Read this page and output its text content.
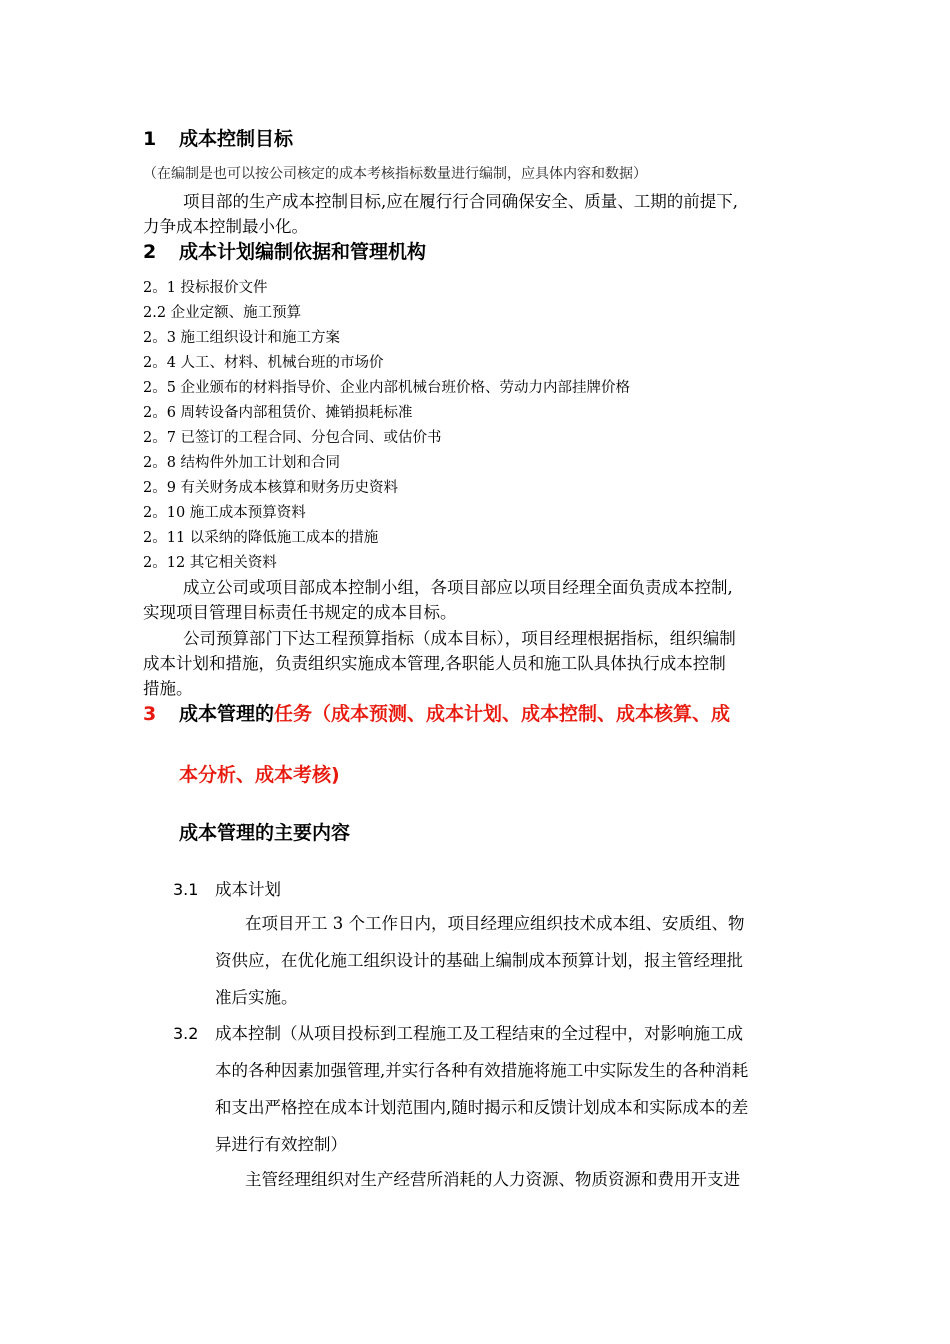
1 成本控制目标
（在编制是也可以按公司核定的成本考核指标数量进行编制，应具体内容和数据）
项目部的生产成本控制目标,应在履行行合同确保安全、质量、工期的前提下,
力争成本控制最小化。
2 成本计划编制依据和管理机构
2。1 投标报价文件
2.2 企业定额、施工预算
2。3 施工组织设计和施工方案
2。4 人工、材料、机械台班的市场价
2。5 企业颁布的材料指导价、企业内部机械台班价格、劳动力内部挂牌价格
2。6 周转设备内部租赁价、摊销损耗标准
2。7 已签订的工程合同、分包合同、或估价书
2。8 结构件外加工计划和合同
2。9 有关财务成本核算和财务历史资料
2。10 施工成本预算资料
2。11 以采纳的降低施工成本的措施
2。12 其它相关资料
成立公司或项目部成本控制小组，各项目部应以项目经理全面负责成本控制,
实现项目管理目标责任书规定的成本目标。
公司预算部门下达工程预算指标（成本目标），项目经理根据指标，组织编制
成本计划和措施，负责组织实施成本管理,各职能人员和施工队具体执行成本控制
措施。
3 成本管理的任务（成本预测、成本计划、成本控制、成本核算、成
本分析、成本考核)
成本管理的主要内容
3.1 成本计划
在项目开工 3 个工作日内，项目经理应组织技术成本组、安质组、物
资供应，在优化施工组织设计的基础上编制成本预算计划，报主管经理批
准后实施。
3.2 成本控制（从项目投标到工程施工及工程结束的全过程中，对影响施工成
本的各种因素加强管理,并实行各种有效措施将施工中实际发生的各种消耗
和支出严格控在成本计划范围内,随时揭示和反馈计划成本和实际成本的差
异进行有效控制）
主管经理组织对生产经营所消耗的人力资源、物质资源和费用开支进
